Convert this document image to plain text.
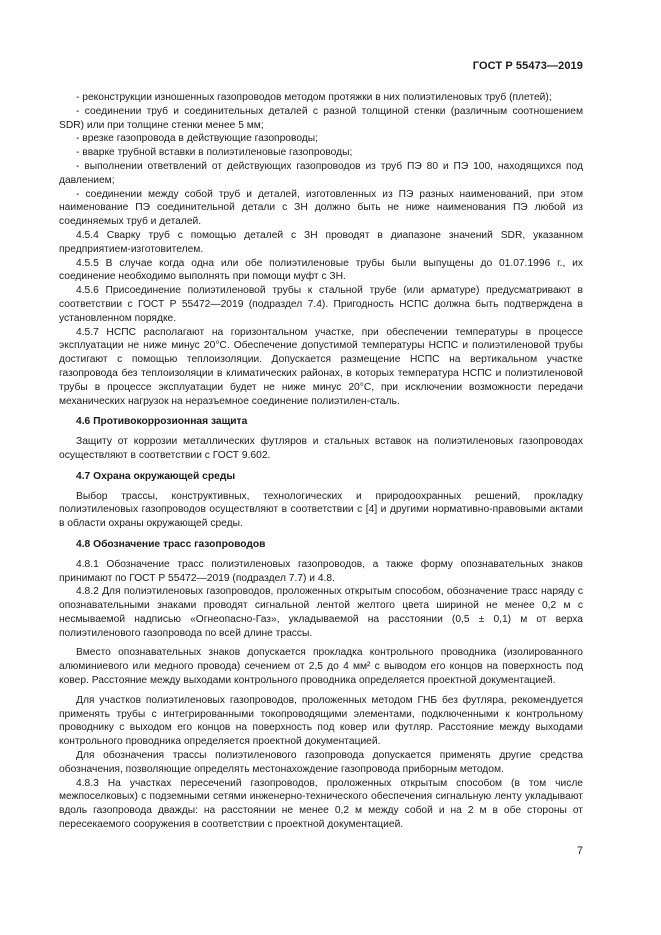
ГОСТ Р 55473—2019

- реконструкции изношенных газопроводов методом протяжки в них полиэтиленовых труб (плетей);

- соединении труб и соединительных деталей с разной толщиной стенки (различным соотношением SDR) или при толщине стенки менее 5 мм;

- врезке газопровода в действующие газопроводы;

- вварке трубной вставки в полиэтиленовые газопроводы;

- выполнении ответвлений от действующих газопроводов из труб ПЭ 80 и ПЭ 100, находящихся под давлением;

- соединении между собой труб и деталей, изготовленных из ПЭ разных наименований, при этом наименование ПЭ соединительной детали с ЗН должно быть не ниже наименования ПЭ любой из соединяемых труб и деталей.

4.5.4 Сварку труб с помощью деталей с ЗН проводят в диапазоне значений SDR, указанном предприятием-изготовителем.

4.5.5 В случае когда одна или обе полиэтиленовые трубы были выпущены до 01.07.1996 г., их соединение необходимо выполнять при помощи муфт с ЗН.

4.5.6 Присоединение полиэтиленовой трубы к стальной трубе (или арматуре) предусматривают в соответствии с ГОСТ Р 55472—2019 (подраздел 7.4). Пригодность НСПС должна быть подтверждена в установленном порядке.

4.5.7 НСПС располагают на горизонтальном участке, при обеспечении температуры в процессе эксплуатации не ниже минус 20°C. Обеспечение допустимой температуры НСПС и полиэтиленовой трубы достигают с помощью теплоизоляции. Допускается размещение НСПС на вертикальном участке газопровода без теплоизоляции в климатических районах, в которых температура НСПС и полиэтиленовой трубы в процессе эксплуатации будет не ниже минус 20°C, при исключении возможности передачи механических нагрузок на неразъемное соединение полиэтилен-сталь.

4.6 Противокоррозионная защита

Защиту от коррозии металлических футляров и стальных вставок на полиэтиленовых газопроводах осуществляют в соответствии с ГОСТ 9.602.

4.7 Охрана окружающей среды

Выбор трассы, конструктивных, технологических и природоохранных решений, прокладку полиэтиленовых газопроводов осуществляют в соответствии с [4] и другими нормативно-правовыми актами в области охраны окружающей среды.

4.8 Обозначение трасс газопроводов

4.8.1 Обозначение трасс полиэтиленовых газопроводов, а также форму опознавательных знаков принимают по ГОСТ Р 55472—2019 (подраздел 7.7) и 4.8.

4.8.2 Для полиэтиленовых газопроводов, проложенных открытым способом, обозначение трасс наряду с опознавательными знаками проводят сигнальной лентой желтого цвета шириной не менее 0,2 м с несмываемой надписью «Огнеопасно-Газ», укладываемой на расстоянии (0,5 ± 0,1) м от верха полиэтиленового газопровода по всей длине трассы.

Вместо опознавательных знаков допускается прокладка контрольного проводника (изолированного алюминиевого или медного провода) сечением от 2,5 до 4 мм² с выводом его концов на поверхность под ковер. Расстояние между выходами контрольного проводника определяется проектной документацией.

Для участков полиэтиленовых газопроводов, проложенных методом ГНБ без футляра, рекомендуется применять трубы с интегрированными токопроводящими элементами, подключенными к контрольному проводнику с выходом его концов на поверхность под ковер или футляр. Расстояние между выходами контрольного проводника определяется проектной документацией.

Для обозначения трассы полиэтиленового газопровода допускается применять другие средства обозначения, позволяющие определять местонахождение газопровода приборным методом.

4.8.3 На участках пересечений газопроводов, проложенных открытым способом (в том числе межпоселковых) с подземными сетями инженерно-технического обеспечения сигнальную ленту укладывают вдоль газопровода дважды: на расстоянии не менее 0,2 м между собой и на 2 м в обе стороны от пересекаемого сооружения в соответствии с проектной документацией.

7
